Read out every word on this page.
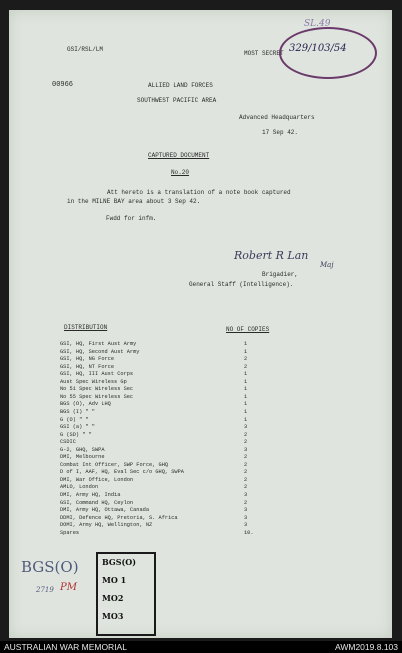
GSI/RSL/LM
MOST SECRET
SL.49
329/103/54
00966	ALLIED LAND FORCES
SOUTHWEST PACIFIC AREA
Advanced Headquarters
17 Sep 42.
CAPTURED DOCUMENT
No.20
Att hereto is a translation of a note book captured
in the MILNE BAY area about 3 Sep 42.
Fwdd for infm.
Robert R Lan
Maj
Brigadier,
General Staff (Intelligence).
DISTRIBUTION	NO OF COPIES
GSI, HQ, First Aust Army	1
GSI, HQ, Second Aust Army	1
GSI, HQ, NG Force	2
GSI, HQ, NT Force	2
GSI, HQ, III Aust Corps	1
Aust Spec Wireless Gp	1
No 51 Spec Wireless Sec	1
No 55 Spec Wireless Sec	1
BGS (O), Adv LHQ	1
BGS (I) " "	1
G (O) " "	1
GSI (a) " "	3
G (SD) " "	2
CSDIC	2
G-2, GHQ, SWPA	3
DMI, Melbourne	2
Combat Int Officer, SWP Force, GHQ	2
D of I, AAF, HQ, Eval Sec c/o GHQ, SWPA	2
DMI, War Office, London	2
AMLO, London	2
DMI, Army HQ, India	3
GSI, Command HQ, Ceylon	2
DMI, Army HQ, Ottawa, Canada	3
DDMI, Defence HQ, Pretoria, S. Africa	3
DOMI, Army HQ, Wellington, NZ	3
Spares	10.
BGS(O)
2719 PM
BGS(O)
MO 1
MO2
MO3
AUSTRALIAN WAR MEMORIAL	AWM2019.8.103
